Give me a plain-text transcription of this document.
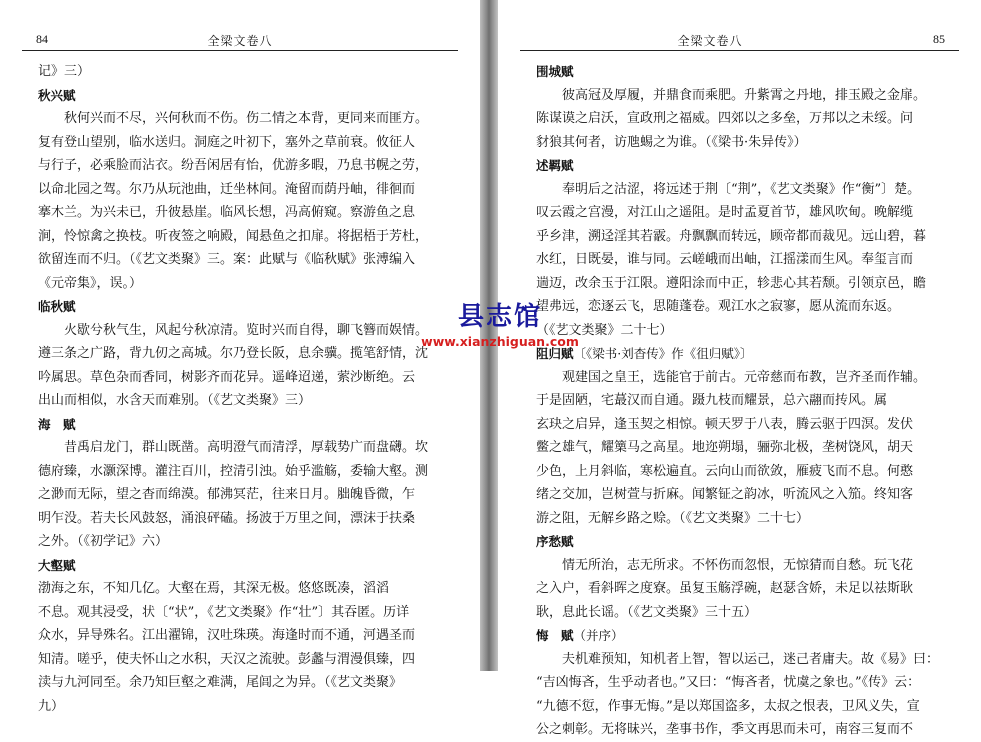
84	全梁文卷八
记》三）
秋兴赋
秋何兴而不尽，兴何秋而不伤。伤二情之本背，更同来而匪方。
复有登山望别，临水送归。洞庭之叶初下，塞外之草前衰。攸征人
与行子，必乘脸而沾衣。纷吾闲居有怡，优游多暇，乃息书幌之劳，
以命北园之驾。尔乃从玩池曲，迁坐林间。淹留而荫丹岫，徘徊而
搴木兰。为兴未已，升彼悬崖。临风长想，冯高俯窥。察游鱼之息
涧，怜惊禽之换枝。听夜签之响殿，闻悬鱼之扣扉。将据梧于芳杜，
欲留连而不归。（《艺文类聚》三。案：此赋与《临秋赋》张溥编入
《元帝集》，误。）
临秋赋
火歇兮秋气生，风起兮秋凉清。览时兴而自得，聊飞簪而娱情。
遵三条之广路，背九仞之高城。尔乃登长阪，息余骥。揽笔舒情，沈
吟属思。草色杂而香同，树影齐而花异。遥峰迢递，萦沙断绝。云
出山而相似，水含天而难别。（《艺文类聚》三）
海　赋
昔禹启龙门，群山既凿。高明澄气而清浮，厚载势广而盘礴。坎
德府臻，水灏深博。灌注百川，控清引浊。始乎滥觞，委输大壑。测
之渺而无际，望之杳而绵漠。郁沸冥茫，往来日月。胐魄昏微，乍
明乍没。若夫长风鼓怒，涌浪砰磕。扬波于万里之间，漂沫于扶桑
之外。（《初学记》六）
大壑赋
渤海之东，不知几亿。大壑在焉，其深无极。悠悠既凑，滔滔
不息。观其浸受，状〔“状”，《艺文类聚》作“壮”〕其吞匿。历详
众水，异导殊名。江出濯锦，汉吐珠瑛。海逢时而不通，河遇圣而
知清。嗟乎，使夫怀山之水积，天汉之流驶。彭蠡与渭漫俱臻，四
渎与九河同至。余乃知巨壑之难满，尾闾之为异。（《艺文类聚》
九）
全梁文卷八	85
围城赋
彼高冠及厚履，并鼎食而乘肥。升紫霄之丹地，排玉殿之金扉。
陈谋谟之启沃，宣政刑之福威。四郊以之多垒，万邦以之未绥。问
豺狼其何者，访虺蜴之为谁。（《梁书·朱异传》）
述羁赋
奉明后之沽涩，将远述于荆〔“荆”，《艺文类聚》作“衡”〕楚。
叹云霞之宫漫，对江山之遥阻。是时孟夏首节，雄风吹甸。晚解缆
乎乡津，溯迳淫其若霰。舟飘飘而转远，顾帝都而裁见。远山碧，暮
水红，日既晏，谁与同。云嵯峨而出岫，江摇漾而生风。奉玺言而
遄迈，改余玉于江限。遵阳涂而中正，轸悲心其若颓。引领京邑，瞻
望弗远，恋逐云飞，思随蓬卷。观江水之寂寥，愿从流而东返。
（《艺文类聚》二十七）
阻归赋〔《梁书·刘杳传》作《徂归赋》〕
观建国之皇王，选能官于前古。元帝慈而布教，岂齐圣而作辅。
于是固陋，宅蕞汉而自通。蹑九枝而耀景，总六翮而抟风。属
玄玦之启异，逢玉契之相惊。顿天罗于八表，腾云驱于四溟。发伏
鳖之雄气，耀篥马之高星。地迩朔塌，骊弥北极，垄树饶风，胡天
少色，上月斜临，寒松遍直。云向山而欲敛，雁疲飞而不息。何憨
绪之交加，岂树萱与折麻。闻繁钲之韵冰，听流风之入笳。终知客
游之阻，无解乡路之赊。（《艺文类聚》二十七）
序愁赋
情无所治，志无所求。不怀伤而忽恨，无惊猜而自愁。玩飞花
之入户，看斜晖之度寮。虽复玉觞浮碗，赵瑟含娇，未足以祛斯耿
耿，息此长谣。（《艺文类聚》三十五）
悔　赋（并序）
夫机难预知，知机者上智，智以运己，迷己者庸夫。故《易》曰：
“吉凶悔吝，生乎动者也。”又曰：“悔吝者，忧虞之象也。”《传》云：
“九德不愆，作事无悔。”是以郑国盗多，太叔之恨表，卫风义失，宣
公之刺彰。无将昧兴，垄事书作，季文再思而未可，南容三复而不
县志馆
www.xianzhiguan.com
